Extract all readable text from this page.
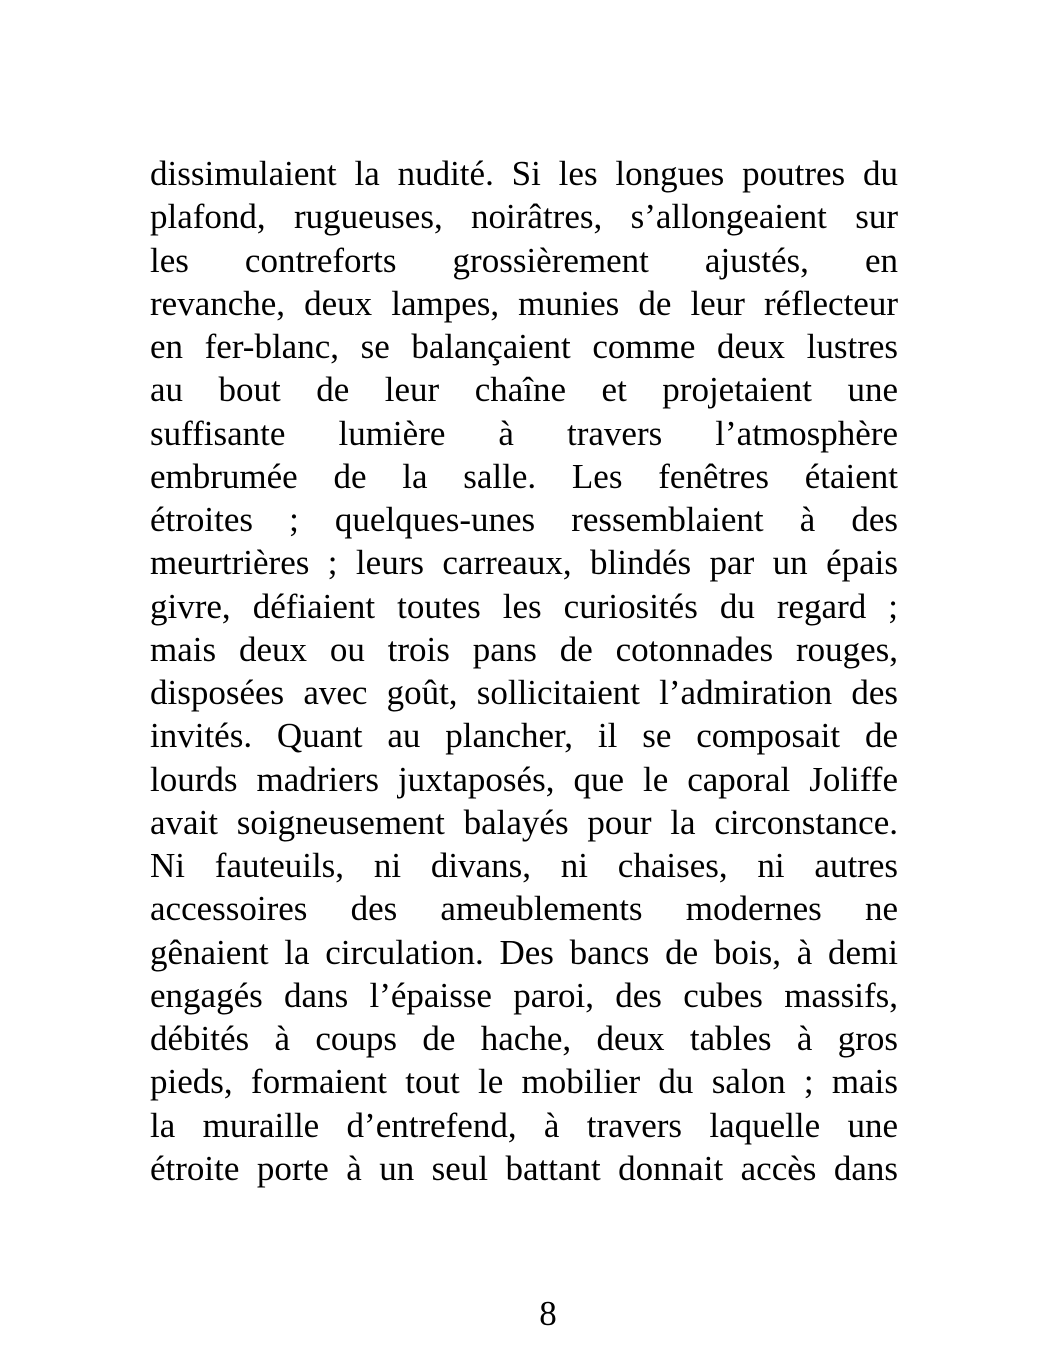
dissimulaient la nudité. Si les longues poutres du
plafond, rugueuses, noirâtres, s’allongeaient sur
les contreforts grossièrement ajustés, en
revanche, deux lampes, munies de leur réflecteur
en fer-blanc, se balançaient comme deux lustres
au bout de leur chaîne et projetaient une
suffisante lumière à travers l’atmosphère
embrumée de la salle. Les fenêtres étaient
étroites ; quelques-unes ressemblaient à des
meurtrières ; leurs carreaux, blindés par un épais
givre, défiaient toutes les curiosités du regard ;
mais deux ou trois pans de cotonnades rouges,
disposées avec goût, sollicitaient l’admiration des
invités. Quant au plancher, il se composait de
lourds madriers juxtaposés, que le caporal Joliffe
avait soigneusement balayés pour la circonstance.
Ni fauteuils, ni divans, ni chaises, ni autres
accessoires des ameublements modernes ne
gênaient la circulation. Des bancs de bois, à demi
engagés dans l’épaisse paroi, des cubes massifs,
débités à coups de hache, deux tables à gros
pieds, formaient tout le mobilier du salon ; mais
la muraille d’entrefend, à travers laquelle une
étroite porte à un seul battant donnait accès dans
8
